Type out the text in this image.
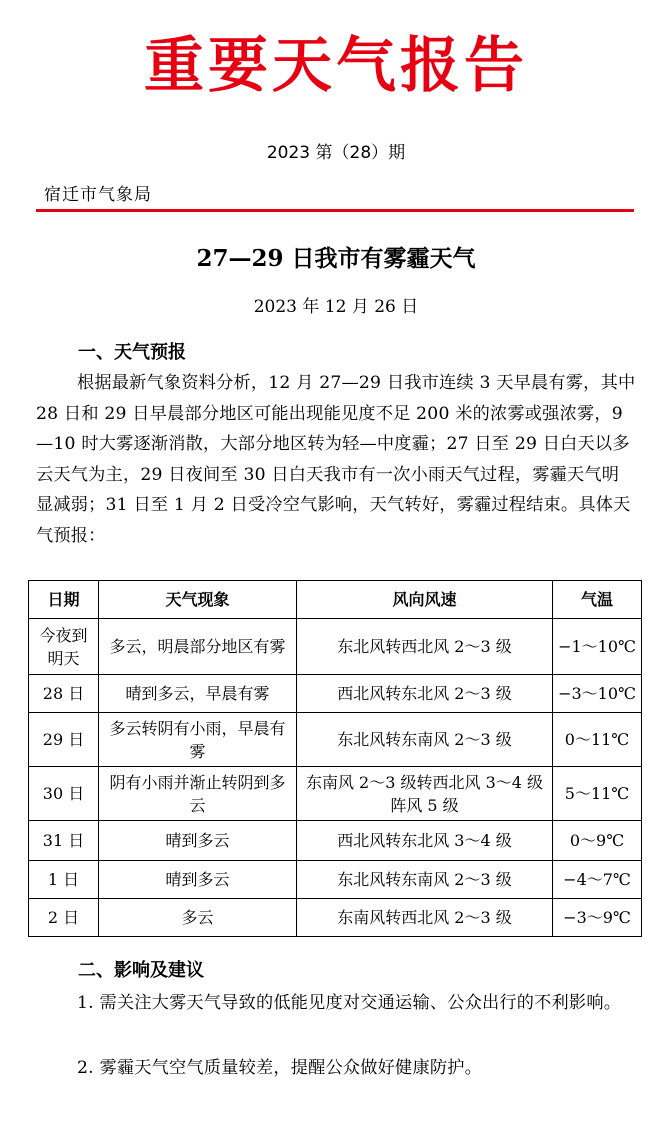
重要天气报告
2023 第（28）期
宿迁市气象局
27—29 日我市有雾霾天气
2023 年 12 月 26 日
一、天气预报

根据最新气象资料分析，12 月 27—29 日我市连续 3 天早晨有雾，其中 28 日和 29 日早晨部分地区可能出现能见度不足 200 米的浓雾或强浓雾，9—10 时大雾逐渐消散，大部分地区转为轻—中度霾；27 日至 29 日白天以多云天气为主，29 日夜间至 30 日白天我市有一次小雨天气过程，雾霾天气明显减弱；31 日至 1 月 2 日受冷空气影响，天气转好，雾霾过程结束。具体天气预报：

日期	天气现象	风向风速	气温
今夜到明天	多云，明晨部分地区有雾	东北风转西北风 2～3 级	−1～10℃
28 日	晴到多云，早晨有雾	西北风转东北风 2～3 级	−3～10℃
29 日	多云转阴有小雨，早晨有雾	东北风转东南风 2～3 级	0～11℃
30 日	阴有小雨并渐止转阴到多云	东南风 2～3 级转西北风 3～4 级阵风 5 级	5～11℃
31 日	晴到多云	西北风转东北风 3～4 级	0～9℃
1 日	晴到多云	东北风转东南风 2～3 级	−4～7℃
2 日	多云	东南风转西北风 2～3 级	−3～9℃
二、影响及建议

1. 需关注大雾天气导致的低能见度对交通运输、公众出行的不利影响。

2. 雾霾天气空气质量较差，提醒公众做好健康防护。
